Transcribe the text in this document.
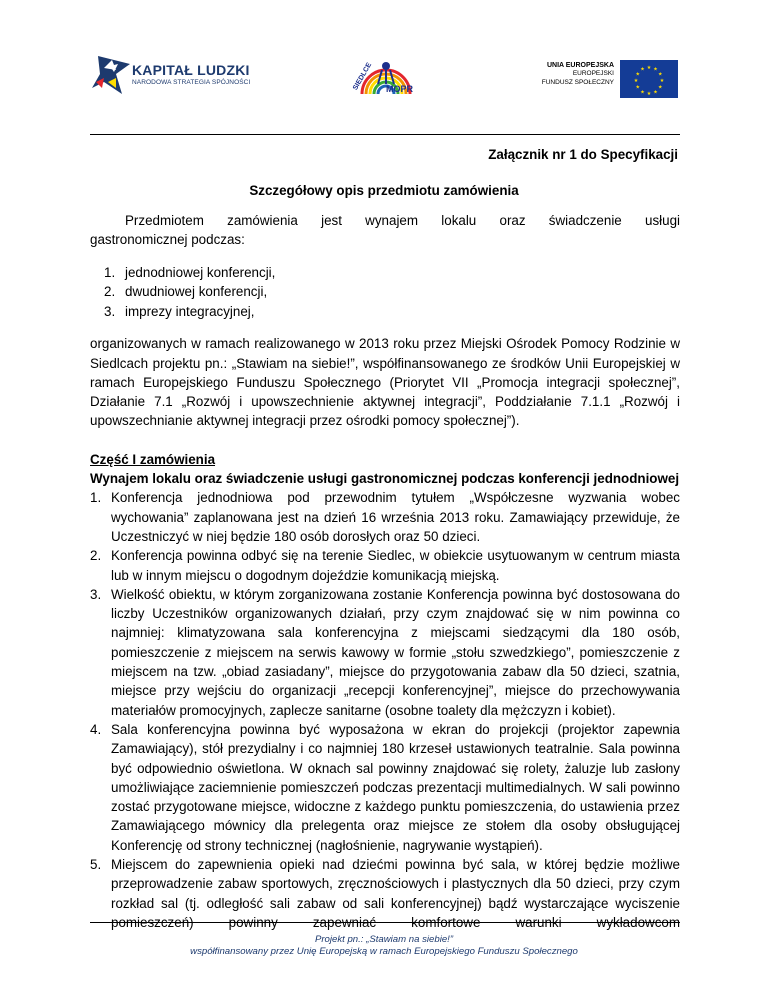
KAPITAŁ LUDZKI
NARODOWA STRATEGIA SPÓJNOŚCI	SIEDLCE MOPR
UNIA EUROPEJSKA
EUROPEJSKI
FUNDUSZ SPOŁECZNY
★ ★
★
★
★
★
★
★
★
★
★
★
Załącznik nr 1 do Specyfikacji
Szczegółowy opis przedmiotu zamówienia

Przedmiotem zamówienia jest wynajem lokalu oraz świadczenie usługi

gastronomicznej podczas:

1. jednodniowej konferencji,
2. dwudniowej konferencji,
3. imprezy integracyjnej,

organizowanych w ramach realizowanego w 2013 roku przez Miejski Ośrodek Pomocy Rodzinie w Siedlcach projektu pn.: „Stawiam na siebie!”, współfinansowanego ze środków Unii Europejskiej w ramach Europejskiego Funduszu Społecznego (Priorytet VII „Promocja integracji społecznej”, Działanie 7.1 „Rozwój i upowszechnienie aktywnej integracji”, Poddziałanie 7.1.1 „Rozwój i upowszechnianie aktywnej integracji przez ośrodki pomocy społecznej”).

Część I zamówienia

Wynajem lokalu oraz świadczenie usługi gastronomicznej podczas konferencji jednodniowej

1. Konferencja jednodniowa pod przewodnim tytułem „Współczesne wyzwania wobec wychowania” zaplanowana jest na dzień 16 września 2013 roku. Zamawiający przewiduje, że Uczestniczyć w niej będzie 180 osób dorosłych oraz 50 dzieci.
2. Konferencja powinna odbyć się na terenie Siedlec, w obiekcie usytuowanym w centrum miasta lub w innym miejscu o dogodnym dojeździe komunikacją miejską.
3. Wielkość obiektu, w którym zorganizowana zostanie Konferencja powinna być dostosowana do liczby Uczestników organizowanych działań, przy czym znajdować się w nim powinna co najmniej: klimatyzowana sala konferencyjna z miejscami siedzącymi dla 180 osób, pomieszczenie z miejscem na serwis kawowy w formie „stołu szwedzkiego”, pomieszczenie z miejscem na tzw. „obiad zasiadany”, miejsce do przygotowania zabaw dla 50 dzieci, szatnia, miejsce przy wejściu do organizacji „recepcji konferencyjnej”, miejsce do przechowywania materiałów promocyjnych, zaplecze sanitarne (osobne toalety dla mężczyzn i kobiet).
4. Sala konferencyjna powinna być wyposażona w ekran do projekcji (projektor zapewnia Zamawiający), stół prezydialny i co najmniej 180 krzeseł ustawionych teatralnie. Sala powinna być odpowiednio oświetlona. W oknach sal powinny znajdować się rolety, żaluzje lub zasłony umożliwiające zaciemnienie pomieszczeń podczas prezentacji multimedialnych. W sali powinno zostać przygotowane miejsce, widoczne z każdego punktu pomieszczenia, do ustawienia przez Zamawiającego mównicy dla prelegenta oraz miejsce ze stołem dla osoby obsługującej Konferencję od strony technicznej (nagłośnienie, nagrywanie wystąpień).
5. Miejscem do zapewnienia opieki nad dziećmi powinna być sala, w której będzie możliwe przeprowadzenie zabaw sportowych, zręcznościowych i plastycznych dla 50 dzieci, przy czym rozkład sal (tj. odległość sali zabaw od sali konferencyjnej) bądź wystarczające wyciszenie pomieszczeń) powinny zapewniać komfortowe warunki wykładowcom
Projekt pn.: „Stawiam na siebie!”
współfinansowany przez Unię Europejską w ramach Europejskiego Funduszu Społecznego
